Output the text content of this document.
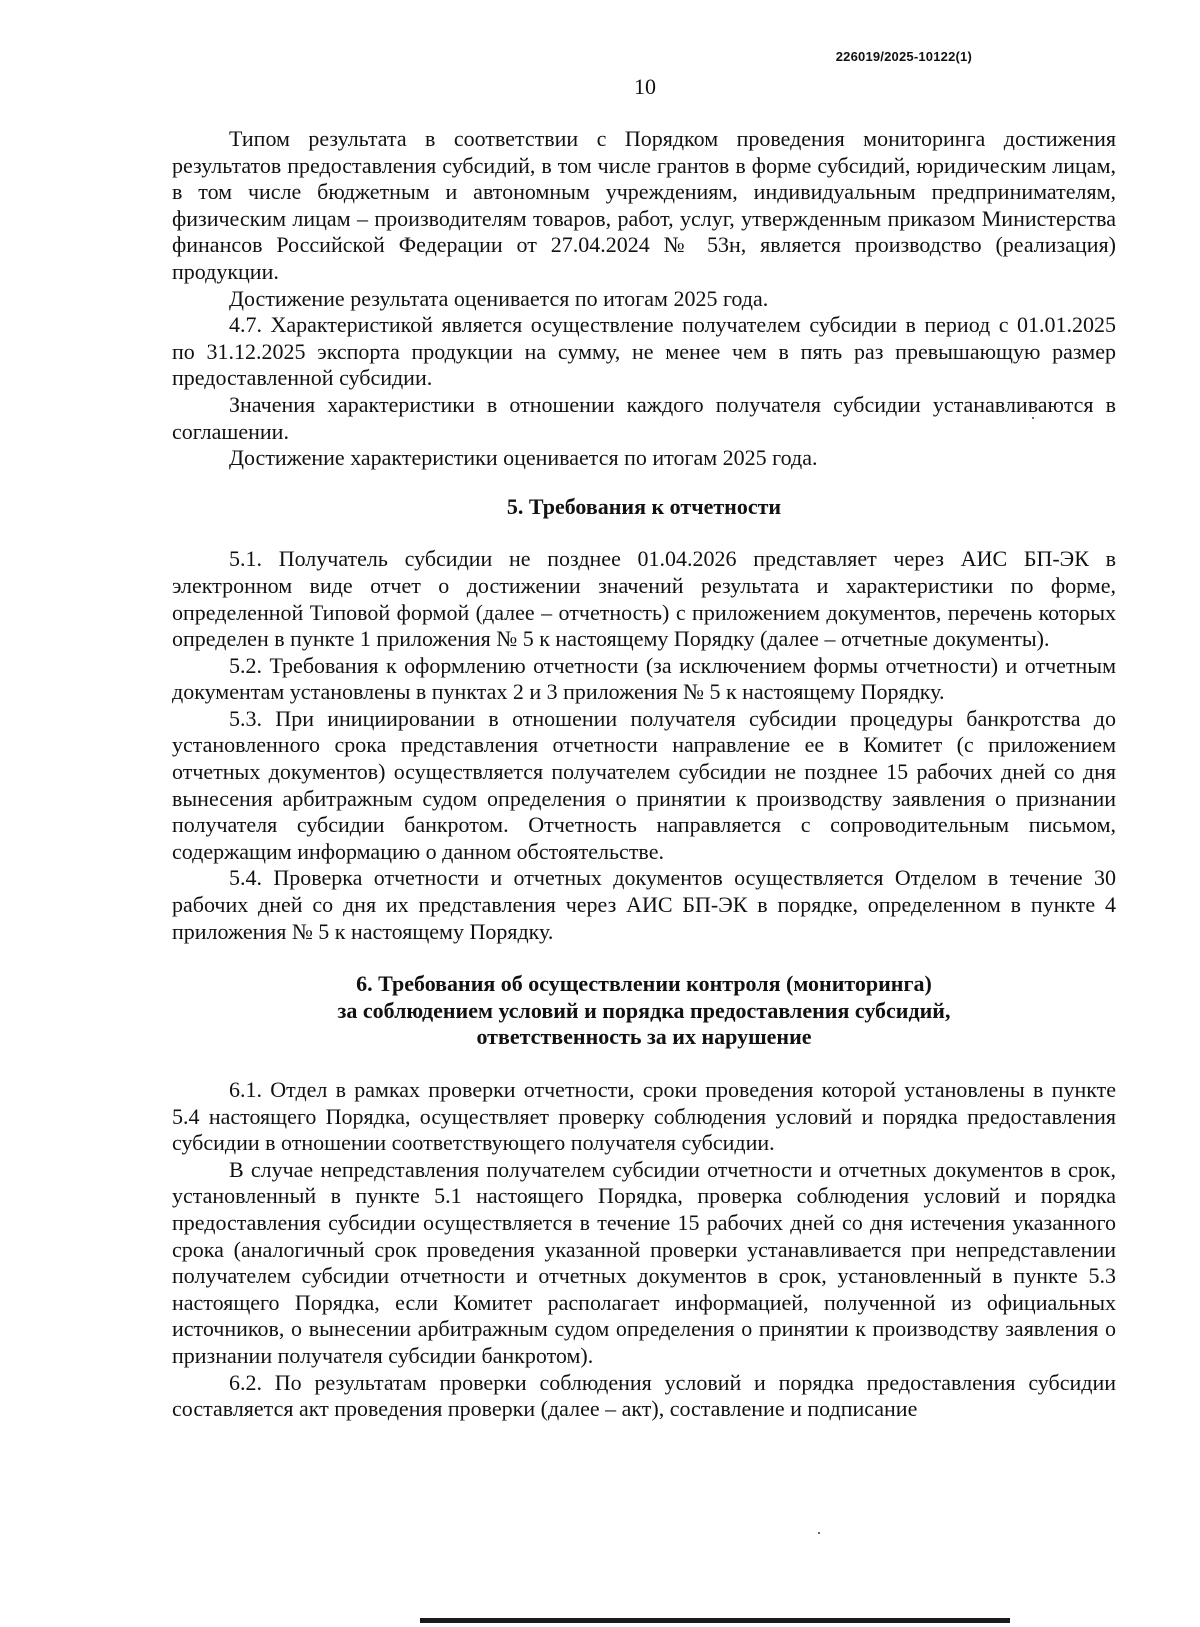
226019/2025-10122(1)
10

Типом результата в соответствии с Порядком проведения мониторинга достижения результатов предоставления субсидий, в том числе грантов в форме субсидий, юридическим лицам, в том числе бюджетным и автономным учреждениям, индивидуальным предпринимателям, физическим лицам – производителям товаров, работ, услуг, утвержденным приказом Министерства финансов Российской Федерации от 27.04.2024 № 53н, является производство (реализация) продукции.

Достижение результата оценивается по итогам 2025 года.

4.7. Характеристикой является осуществление получателем субсидии в период с 01.01.2025 по 31.12.2025 экспорта продукции на сумму, не менее чем в пять раз превышающую размер предоставленной субсидии.

Значения характеристики в отношении каждого получателя субсидии устанавливаются в соглашении.

Достижение характеристики оценивается по итогам 2025 года.

5. Требования к отчетности

5.1. Получатель субсидии не позднее 01.04.2026 представляет через АИС БП-ЭК в электронном виде отчет о достижении значений результата и характеристики по форме, определенной Типовой формой (далее – отчетность) с приложением документов, перечень которых определен в пункте 1 приложения № 5 к настоящему Порядку (далее – отчетные документы).

5.2. Требования к оформлению отчетности (за исключением формы отчетности) и отчетным документам установлены в пунктах 2 и 3 приложения № 5 к настоящему Порядку.

5.3. При инициировании в отношении получателя субсидии процедуры банкротства до установленного срока представления отчетности направление ее в Комитет (с приложением отчетных документов) осуществляется получателем субсидии не позднее 15 рабочих дней со дня вынесения арбитражным судом определения о принятии к производству заявления о признании получателя субсидии банкротом. Отчетность направляется с сопроводительным письмом, содержащим информацию о данном обстоятельстве.

5.4. Проверка отчетности и отчетных документов осуществляется Отделом в течение 30 рабочих дней со дня их представления через АИС БП-ЭК в порядке, определенном в пункте 4 приложения № 5 к настоящему Порядку.

6. Требования об осуществлении контроля (мониторинга)
за соблюдением условий и порядка предоставления субсидий,
ответственность за их нарушение

6.1. Отдел в рамках проверки отчетности, сроки проведения которой установлены в пункте 5.4 настоящего Порядка, осуществляет проверку соблюдения условий и порядка предоставления субсидии в отношении соответствующего получателя субсидии.

В случае непредставления получателем субсидии отчетности и отчетных документов в срок, установленный в пункте 5.1 настоящего Порядка, проверка соблюдения условий и порядка предоставления субсидии осуществляется в течение 15 рабочих дней со дня истечения указанного срока (аналогичный срок проведения указанной проверки устанавливается при непредставлении получателем субсидии отчетности и отчетных документов в срок, установленный в пункте 5.3 настоящего Порядка, если Комитет располагает информацией, полученной из официальных источников, о вынесении арбитражным судом определения о принятии к производству заявления о признании получателя субсидии банкротом).

6.2. По результатам проверки соблюдения условий и порядка предоставления субсидии составляется акт проведения проверки (далее – акт), составление и подписание
